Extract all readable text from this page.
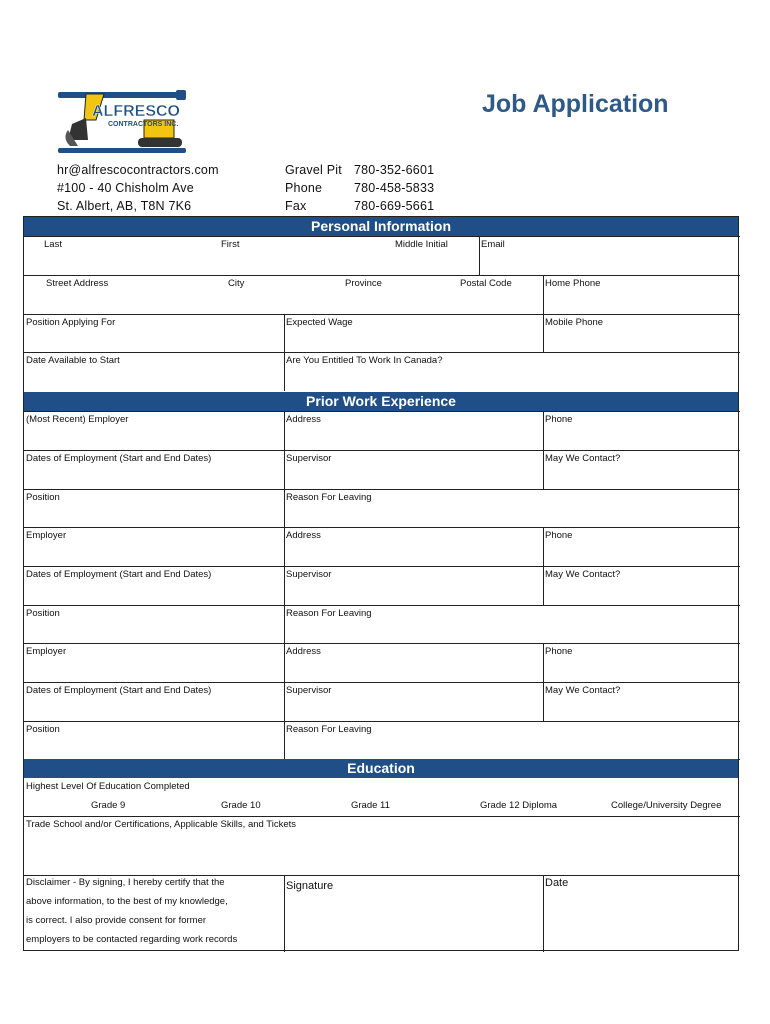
ALFRESCO
CONTRACTORS INC.
Job Application
hr@alfrescocontractors.com
#100 - 40 Chisholm Ave
St. Albert, AB, T8N 7K6
Gravel Pit 780-352-6601
Phone	780-458-5833
Fax	780-669-5661
Personal Information
Last	First	Middle Initial	Email
Street Address	City	Province	Postal Code	Home Phone
Position Applying For	Expected Wage	Mobile Phone
Date Available to Start	Are You Entitled To Work In Canada?
Prior Work Experience
(Most Recent) Employer	Address	Phone
Dates of Employment (Start and End Dates)	Supervisor	May We Contact?
Position	Reason For Leaving
Employer	Address	Phone
Dates of Employment (Start and End Dates)	Supervisor	May We Contact?
Position	Reason For Leaving
Employer	Address	Phone
Dates of Employment (Start and End Dates)	Supervisor	May We Contact?
Position	Reason For Leaving
Education
Highest Level Of Education Completed
Grade 9	Grade 10	Grade 11	Grade 12 Diploma	College/University Degree
Trade School and/or Certifications, Applicable Skills, and Tickets
Disclaimer - By signing, I hereby certify that the
above information, to the best of my knowledge,
is correct. I also provide consent for former
employers to be contacted regarding work records
Signature	Date
